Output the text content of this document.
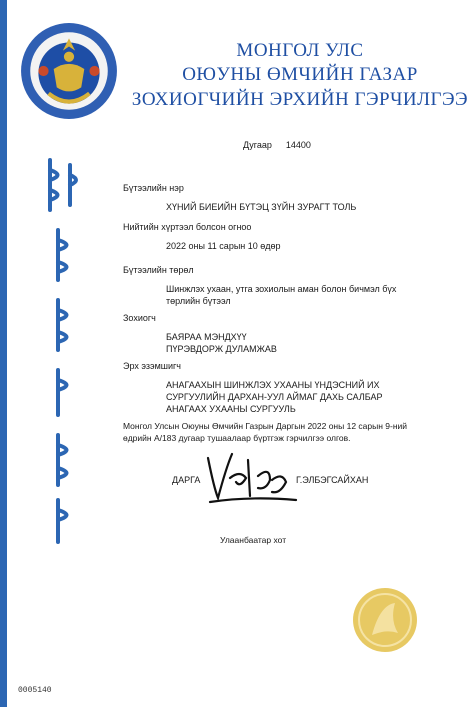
МОНГОЛ УЛС
ОЮУНЫ ӨМЧИЙН ГАЗАР
ЗОХИОГЧИЙН ЭРХИЙН ГЭРЧИЛГЭЭ
Дугаар 14400
Бүтээлийн нэр
ХҮНИЙ БИЕИЙН БҮТЭЦ ЗҮЙН ЗУРАГТ ТОЛЬ
Нийтийн хүртээл болсон огноо
2022 оны 11 сарын 10 өдөр
Бүтээлийн төрөл
Шинжлэх ухаан, утга зохиолын аман болон бичмэл бүх
төрлийн бүтээл
Зохиогч
БАЯРАА МЭНДХҮҮ
ПҮРЭВДОРЖ ДУЛАМЖАВ
Эрх эзэмшигч
АНАГААХЫН ШИНЖЛЭХ УХААНЫ ҮНДЭСНИЙ ИХ
СУРГУУЛИЙН ДАРХАН-УУЛ АЙМАГ ДАХЬ САЛБАР
АНАГААХ УХААНЫ СУРГУУЛЬ
Монгол Улсын Оюуны Өмчийн Газрын Даргын 2022 оны 12 сарын 9-ний
өдрийн А/183 дугаар тушаалаар бүртгэж гэрчилгээ олгов.
ДАРГА	Г.ЭЛБЭГСАЙХАН
Улаанбаатар хот
0005140
